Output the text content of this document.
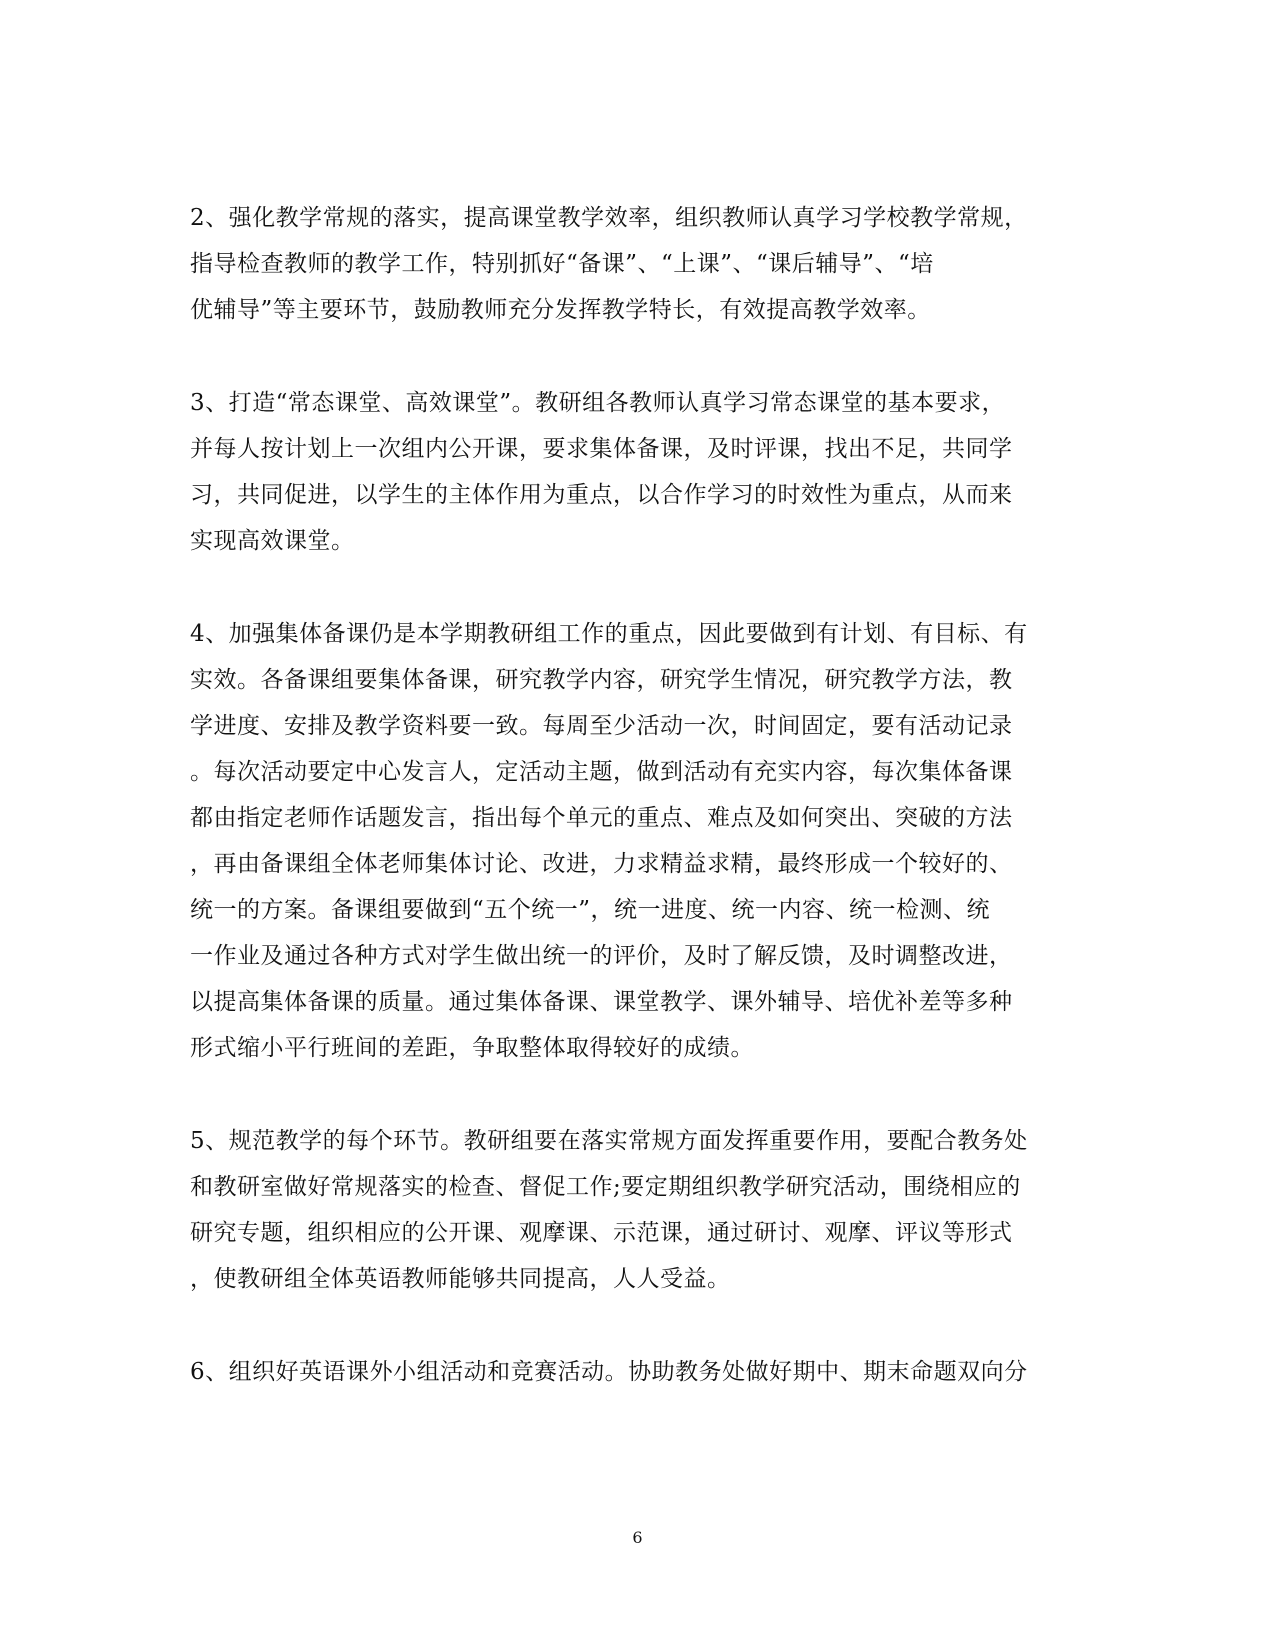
2、强化教学常规的落实，提高课堂教学效率，组织教师认真学习学校教学常规，
指导检查教师的教学工作，特别抓好“备课”、“上课”、“课后辅导”、“培
优辅导”等主要环节，鼓励教师充分发挥教学特长，有效提高教学效率。
3、打造“常态课堂、高效课堂”。教研组各教师认真学习常态课堂的基本要求，
并每人按计划上一次组内公开课，要求集体备课，及时评课，找出不足，共同学
习，共同促进，以学生的主体作用为重点，以合作学习的时效性为重点，从而来
实现高效课堂。
4、加强集体备课仍是本学期教研组工作的重点，因此要做到有计划、有目标、有
实效。各备课组要集体备课，研究教学内容，研究学生情况，研究教学方法，教
学进度、安排及教学资料要一致。每周至少活动一次，时间固定，要有活动记录
。每次活动要定中心发言人，定活动主题，做到活动有充实内容，每次集体备课
都由指定老师作话题发言，指出每个单元的重点、难点及如何突出、突破的方法
，再由备课组全体老师集体讨论、改进，力求精益求精，最终形成一个较好的、
统一的方案。备课组要做到“五个统一”，统一进度、统一内容、统一检测、统
一作业及通过各种方式对学生做出统一的评价，及时了解反馈，及时调整改进，
以提高集体备课的质量。通过集体备课、课堂教学、课外辅导、培优补差等多种
形式缩小平行班间的差距，争取整体取得较好的成绩。
5、规范教学的每个环节。教研组要在落实常规方面发挥重要作用，要配合教务处
和教研室做好常规落实的检查、督促工作;要定期组织教学研究活动，围绕相应的
研究专题，组织相应的公开课、观摩课、示范课，通过研讨、观摩、评议等形式
，使教研组全体英语教师能够共同提高，人人受益。
6、组织好英语课外小组活动和竞赛活动。协助教务处做好期中、期末命题双向分
6
